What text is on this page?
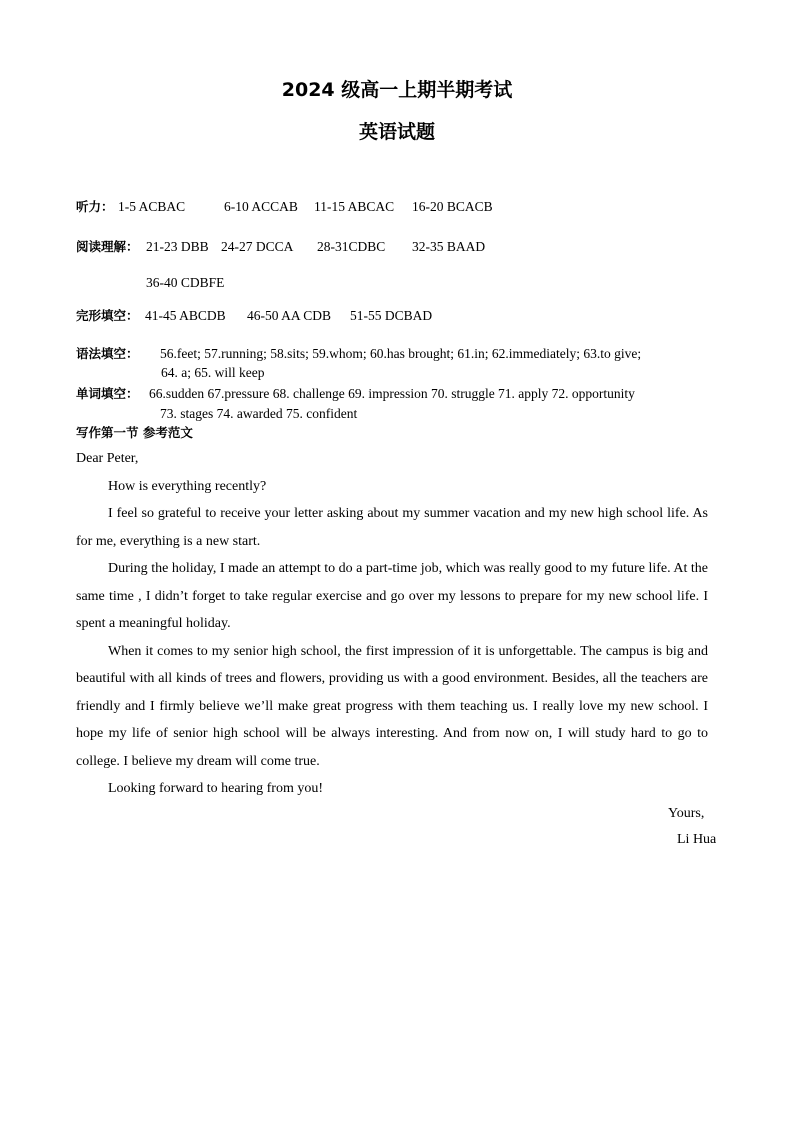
2024 级高一上期半期考试
英语试题
听力： 1-5 ACBAC	6-10 ACCAB 11-15 ABCAC 16-20 BCACB
阅读理解： 21-23 DBB 24-27 DCCA 28-31CDBC 32-35 BAAD
36-40 CDBFE
完形填空： 41-45 ABCDB 46-50 AA CDB 51-55 DCBAD
语法填空： 56.feet; 57.running; 58.sits; 59.whom; 60.has brought; 61.in; 62.immediately; 63.to give;
64. a; 65. will keep
单词填空： 66.sudden 67.pressure 68. challenge 69. impression 70. struggle 71. apply 72. opportunity
73. stages 74. awarded 75. confident
写作第一节 参考范文

Dear Peter,

How is everything recently?

I feel so grateful to receive your letter asking about my summer vacation and my new high school life. As for me, everything is a new start.

During the holiday, I made an attempt to do a part-time job, which was really good to my future life. At the same time , I didn’t forget to take regular exercise and go over my lessons to prepare for my new school life. I spent a meaningful holiday.

When it comes to my senior high school, the first impression of it is unforgettable. The campus is big and beautiful with all kinds of trees and flowers, providing us with a good environment. Besides, all the teachers are friendly and I firmly believe we’ll make great progress with them teaching us. I really love my new school. I hope my life of senior high school will be always interesting. And from now on, I will study hard to go to college. I believe my dream will come true.

Looking forward to hearing from you!

Yours,
Li Hua
